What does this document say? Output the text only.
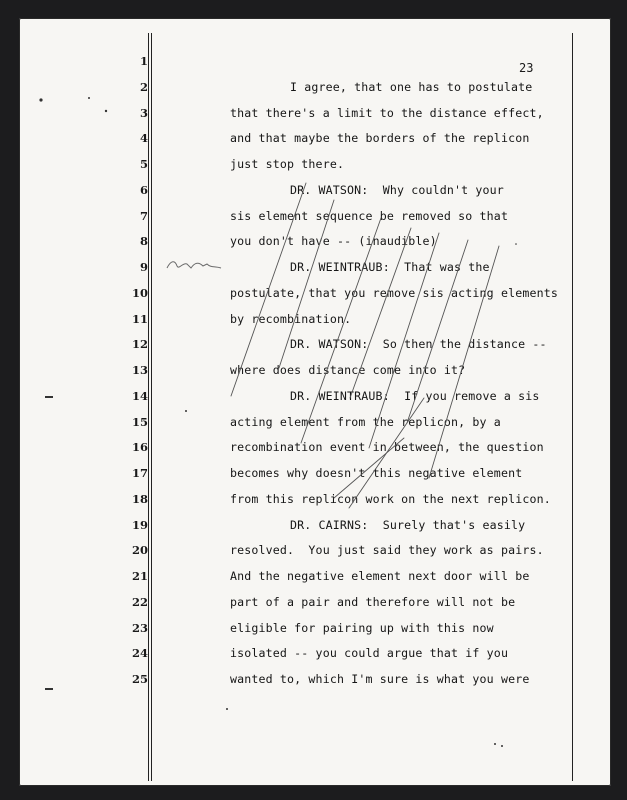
23
1
2
3
4
5
6
7
8
9
10
11
12
13
14
15
16
17
18
19
20
21
22
23
24
25
I agree, that one has to postulate
that there's a limit to the distance effect,
and that maybe the borders of the replicon
just stop there.
DR. WATSON:  Why couldn't your
sis element sequence be removed so that
you don't have -- (inaudible)
DR. WEINTRAUB:  That was the
postulate, that you remove sis acting elements
by recombination.
DR. WATSON:  So then the distance --
where does distance come into it?
DR. WEINTRAUB:  If you remove a sis
acting element from the replicon, by a
recombination event in between, the question
becomes why doesn't this negative element
from this replicon work on the next replicon.
DR. CAIRNS:  Surely that's easily
resolved.  You just said they work as pairs.
And the negative element next door will be
part of a pair and therefore will not be
eligible for pairing up with this now
isolated -- you could argue that if you
wanted to, which I'm sure is what you were
